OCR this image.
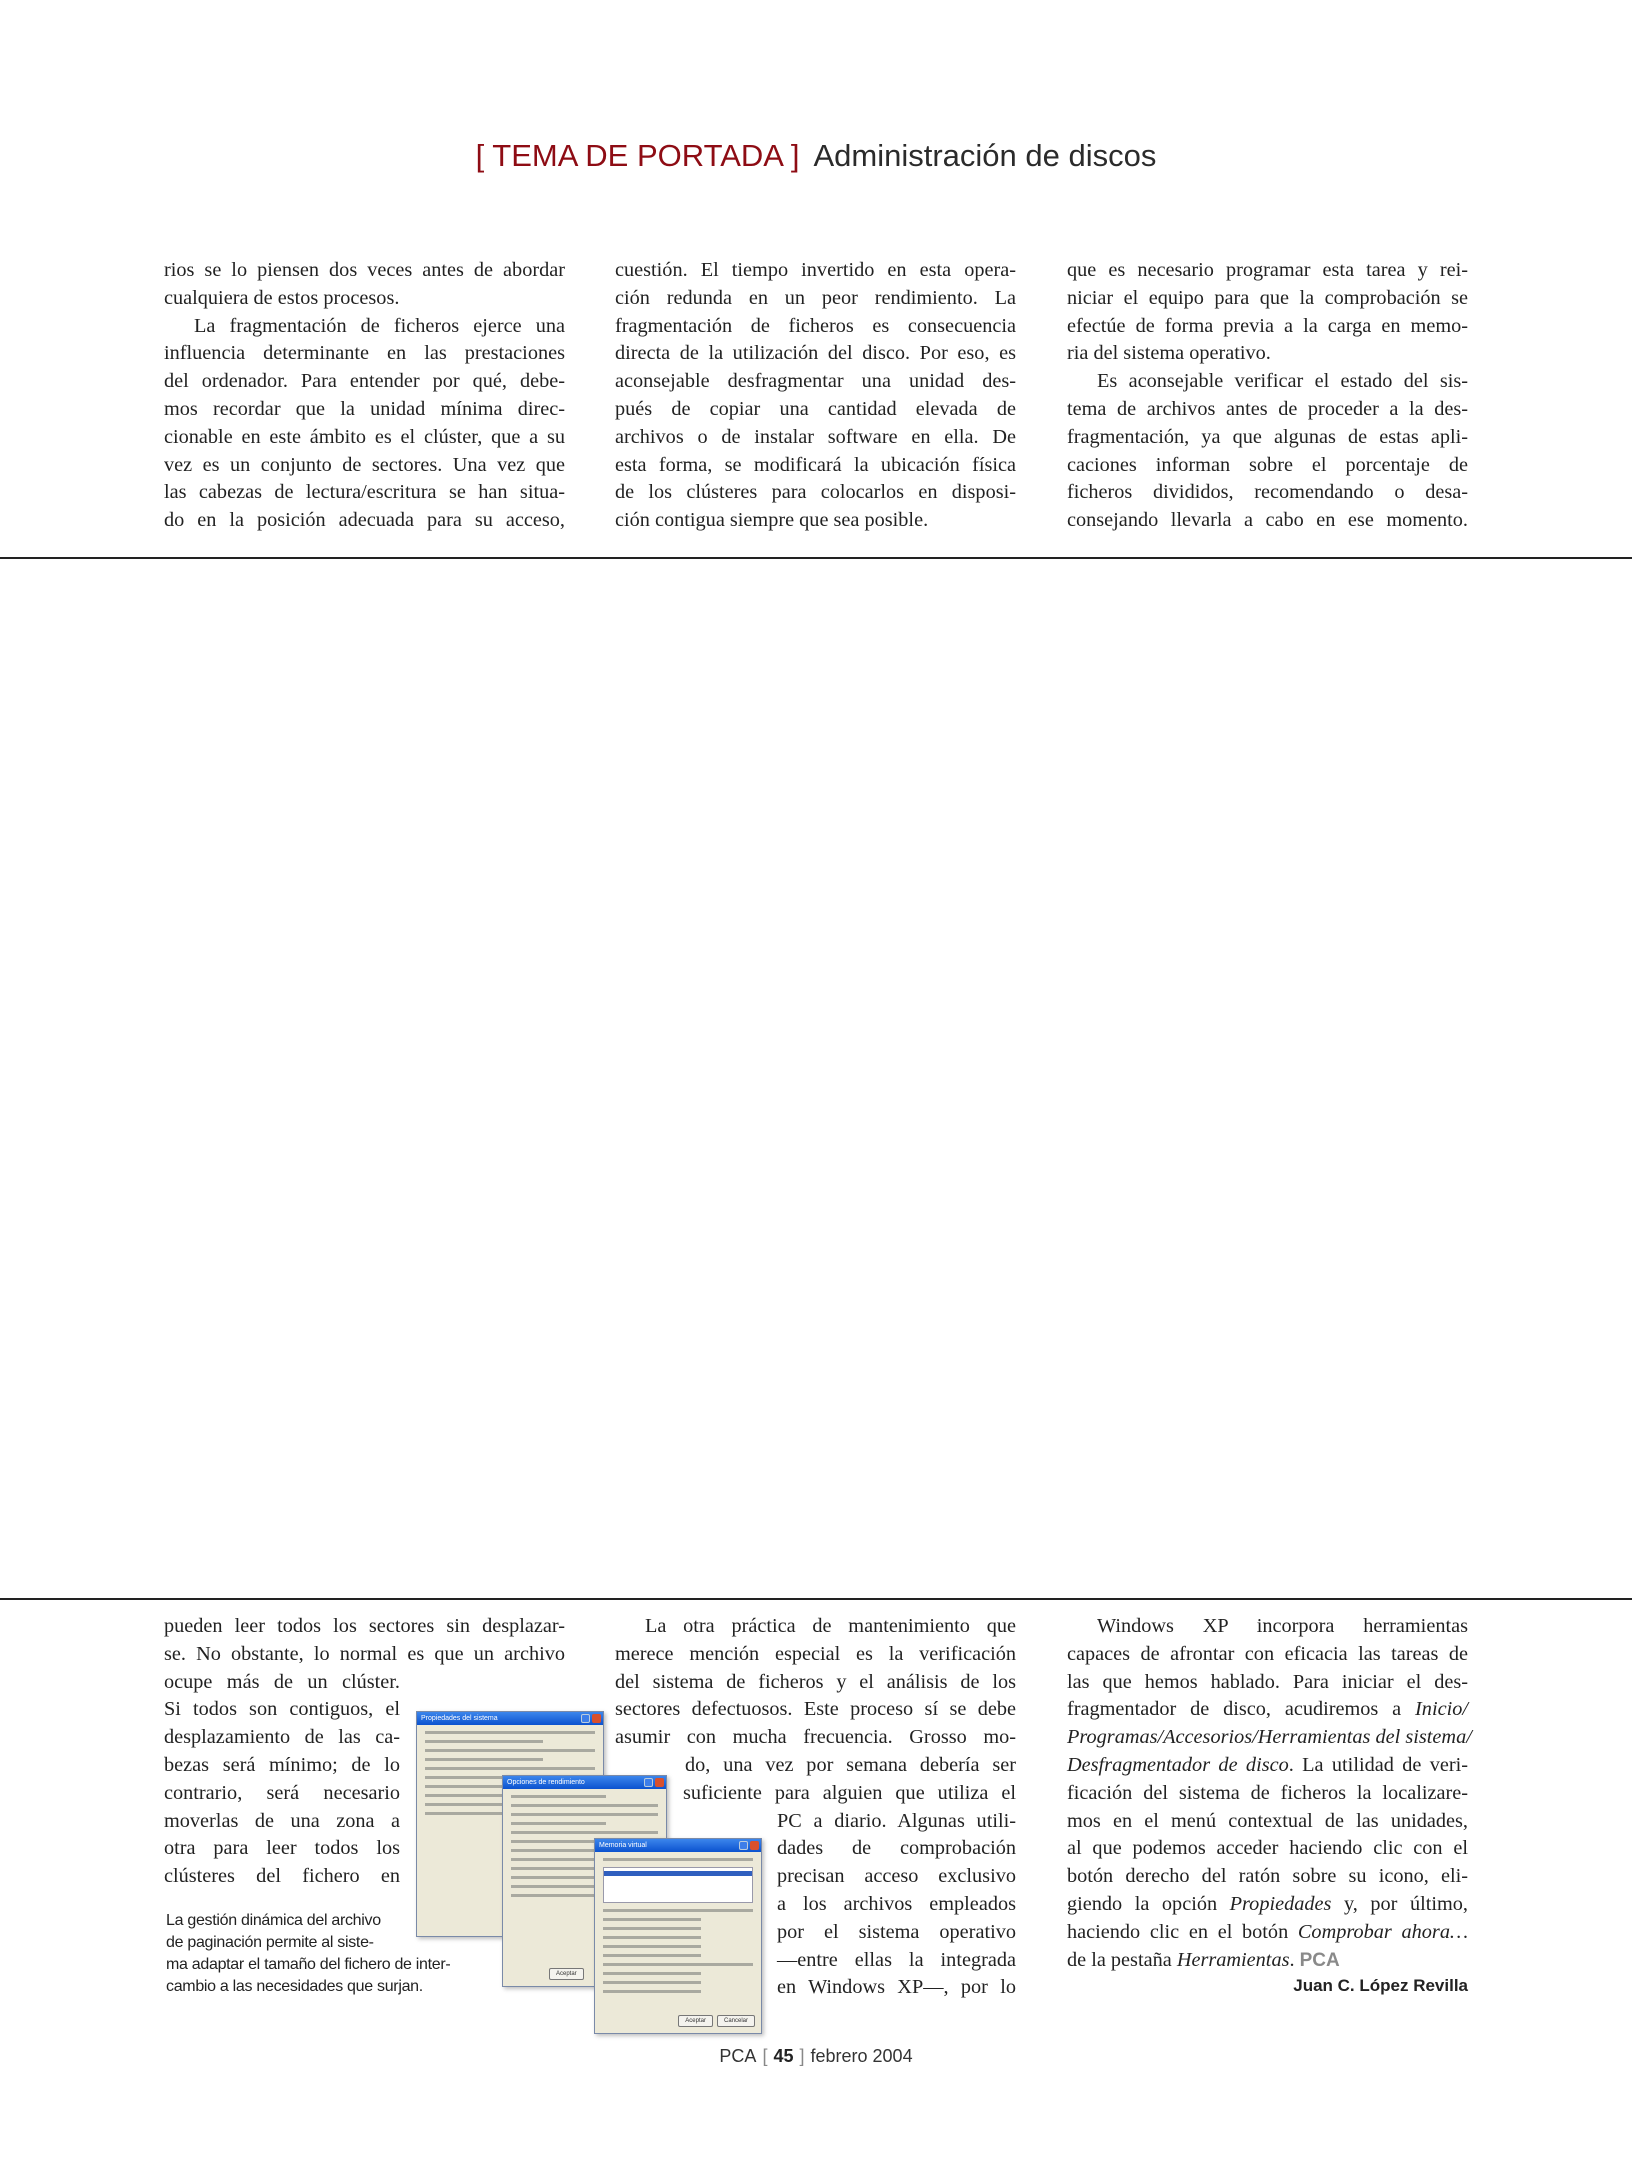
[ TEMA DE PORTADA ] Administración de discos
rios se lo piensen dos veces antes de abordar
cualquiera de estos procesos.
La fragmentación de ficheros ejerce una
influencia determinante en las prestaciones
del ordenador. Para entender por qué, debe-
mos recordar que la unidad mínima direc-
cionable en este ámbito es el clúster, que a su
vez es un conjunto de sectores. Una vez que
las cabezas de lectura/escritura se han situa-
do en la posición adecuada para su acceso,
cuestión. El tiempo invertido en esta opera-
ción redunda en un peor rendimiento. La
fragmentación de ficheros es consecuencia
directa de la utilización del disco. Por eso, es
aconsejable desfragmentar una unidad des-
pués de copiar una cantidad elevada de
archivos o de instalar software en ella. De
esta forma, se modificará la ubicación física
de los clústeres para colocarlos en disposi-
ción contigua siempre que sea posible.
que es necesario programar esta tarea y rei-
niciar el equipo para que la comprobación se
efectúe de forma previa a la carga en memo-
ria del sistema operativo.
Es aconsejable verificar el estado del sis-
tema de archivos antes de proceder a la des-
fragmentación, ya que algunas de estas apli-
caciones informan sobre el porcentaje de
ficheros divididos, recomendando o desa-
consejando llevarla a cabo en ese momento.
pueden leer todos los sectores sin desplazar-
se. No obstante, lo normal es que un archivo
ocupe más de un clúster.
Si todos son contiguos, el
desplazamiento de las ca-
bezas será mínimo; de lo
contrario, será necesario
moverlas de una zona a
otra para leer todos los
clústeres del fichero en
La otra práctica de mantenimiento que
merece mención especial es la verificación
del sistema de ficheros y el análisis de los
sectores defectuosos. Este proceso sí se debe
asumir con mucha frecuencia. Grosso mo-
do, una vez por semana debería ser
suficiente para alguien que utiliza el
PC a diario. Algunas utili-
dades de comprobación
precisan acceso exclusivo
a los archivos empleados
por el sistema operativo
—entre ellas la integrada
en Windows XP—, por lo
Windows XP incorpora herramientas
capaces de afrontar con eficacia las tareas de
las que hemos hablado. Para iniciar el des-
fragmentador de disco, acudiremos a Inicio/
Programas/Accesorios/Herramientas del sistema/
Desfragmentador de disco. La utilidad de veri-
ficación del sistema de ficheros la localizare-
mos en el menú contextual de las unidades,
al que podemos acceder haciendo clic con el
botón derecho del ratón sobre su icono, eli-
giendo la opción Propiedades y, por último,
haciendo clic en el botón Comprobar ahora…
de la pestaña Herramientas. PCA
Juan C. López Revilla
La gestión dinámica del archivo
de paginación permite al siste-
ma adaptar el tamaño del fichero de inter-
cambio a las necesidades que surjan.
Propiedades del sistema
Opciones de rendimiento
Aceptar
Memoria virtual
Aceptar	Cancelar
PCA [ 45 ] febrero 2004
